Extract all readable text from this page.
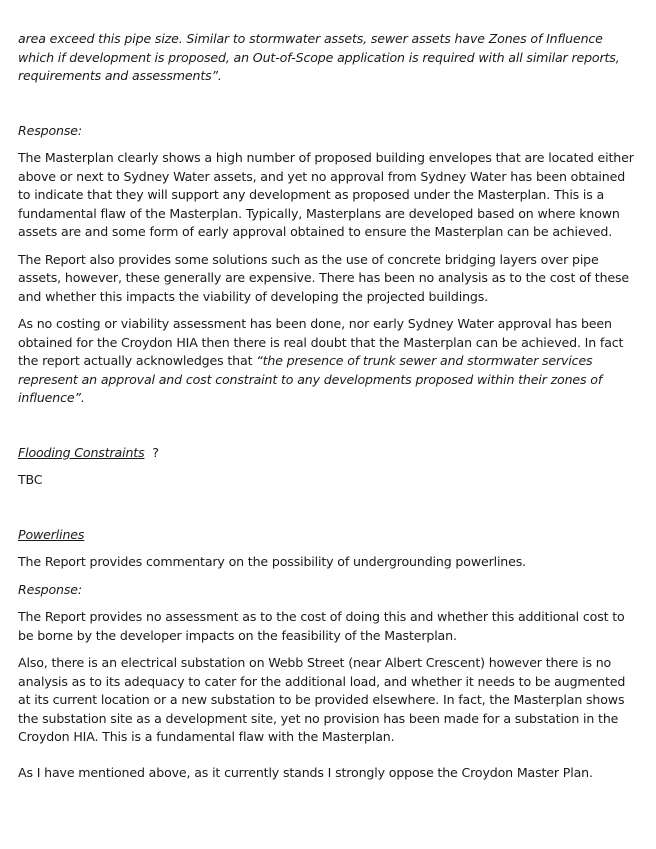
area exceed this pipe size. Similar to stormwater assets, sewer assets have Zones of Influence which if development is proposed, an Out-of-Scope application is required with all similar reports, requirements and assessments”.

Response:

The Masterplan clearly shows a high number of proposed building envelopes that are located either above or next to Sydney Water assets, and yet no approval from Sydney Water has been obtained to indicate that they will support any development as proposed under the Masterplan. This is a fundamental flaw of the Masterplan. Typically, Masterplans are developed based on where known assets are and some form of early approval obtained to ensure the Masterplan can be achieved.

The Report also provides some solutions such as the use of concrete bridging layers over pipe assets, however, these generally are expensive. There has been no analysis as to the cost of these and whether this impacts the viability of developing the projected buildings.

As no costing or viability assessment has been done, nor early Sydney Water approval has been obtained for the Croydon HIA then there is real doubt that the Masterplan can be achieved. In fact the report actually acknowledges that “the presence of trunk sewer and stormwater services represent an approval and cost constraint to any developments proposed within their zones of influence”.

Flooding Constraints  ?

TBC

Powerlines

The Report provides commentary on the possibility of undergrounding powerlines.

Response:

The Report provides no assessment as to the cost of doing this and whether this additional cost to be borne by the developer impacts on the feasibility of the Masterplan.

Also, there is an electrical substation on Webb Street (near Albert Crescent) however there is no analysis as to its adequacy to cater for the additional load, and whether it needs to be augmented at its current location or a new substation to be provided elsewhere. In fact, the Masterplan shows the substation site as a development site, yet no provision has been made for a substation in the Croydon HIA. This is a fundamental flaw with the Masterplan.

As I have mentioned above, as it currently stands I strongly oppose the Croydon Master Plan.
